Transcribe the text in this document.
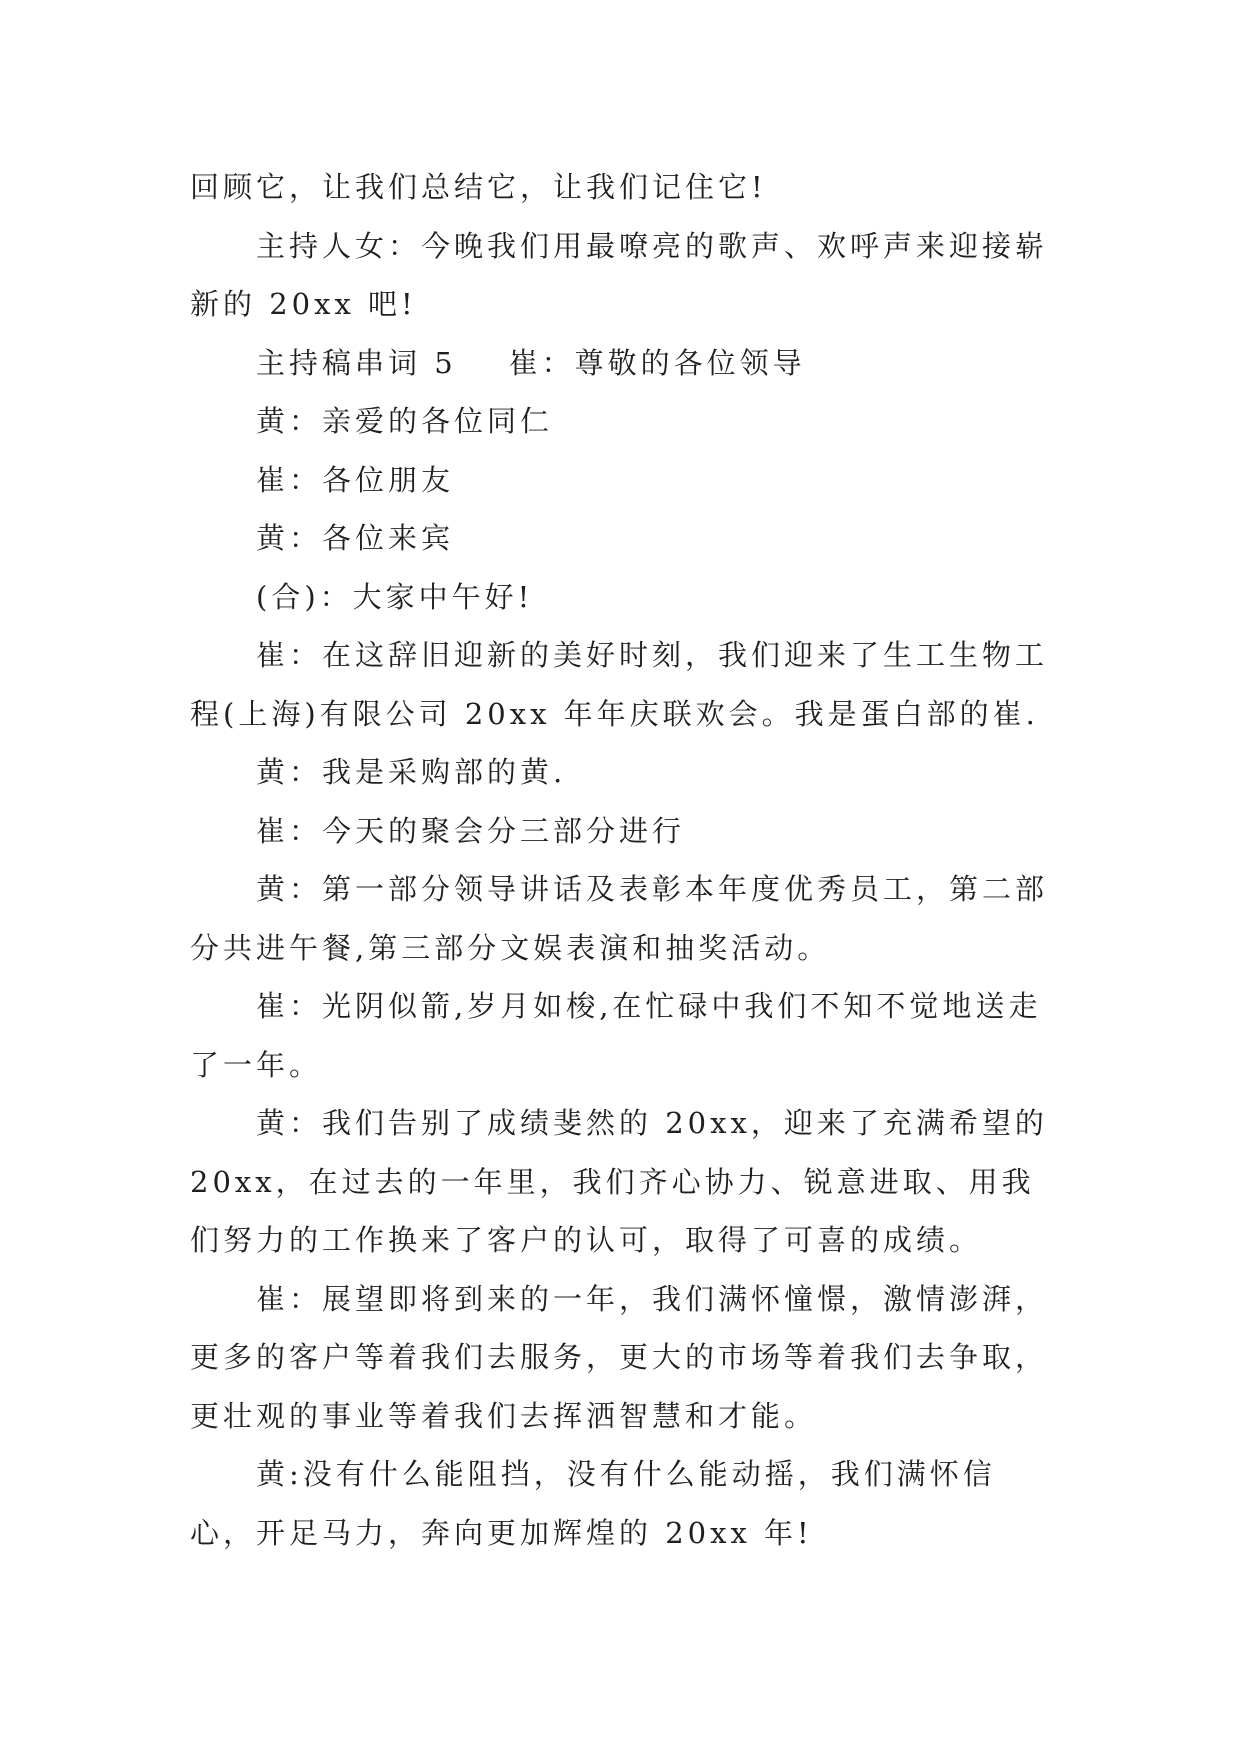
回顾它，让我们总结它，让我们记住它!

主持人女：今晚我们用最嘹亮的歌声、欢呼声来迎接崭新的 20xx 吧!

主持稿串词 5 崔：尊敬的各位领导

黄：亲爱的各位同仁

崔：各位朋友

黄：各位来宾

(合)：大家中午好!

崔：在这辞旧迎新的美好时刻，我们迎来了生工生物工程(上海)有限公司 20xx 年年庆联欢会。我是蛋白部的崔.

黄：我是采购部的黄.

崔：今天的聚会分三部分进行

黄：第一部分领导讲话及表彰本年度优秀员工，第二部分共进午餐,第三部分文娱表演和抽奖活动。

崔：光阴似箭,岁月如梭,在忙碌中我们不知不觉地送走了一年。

黄：我们告别了成绩斐然的 20xx，迎来了充满希望的 20xx，在过去的一年里，我们齐心协力、锐意进取、用我们努力的工作换来了客户的认可，取得了可喜的成绩。

崔：展望即将到来的一年，我们满怀憧憬，激情澎湃，更多的客户等着我们去服务，更大的市场等着我们去争取，更壮观的事业等着我们去挥洒智慧和才能。

黄:没有什么能阻挡，没有什么能动摇，我们满怀信心，开足马力，奔向更加辉煌的 20xx 年!
